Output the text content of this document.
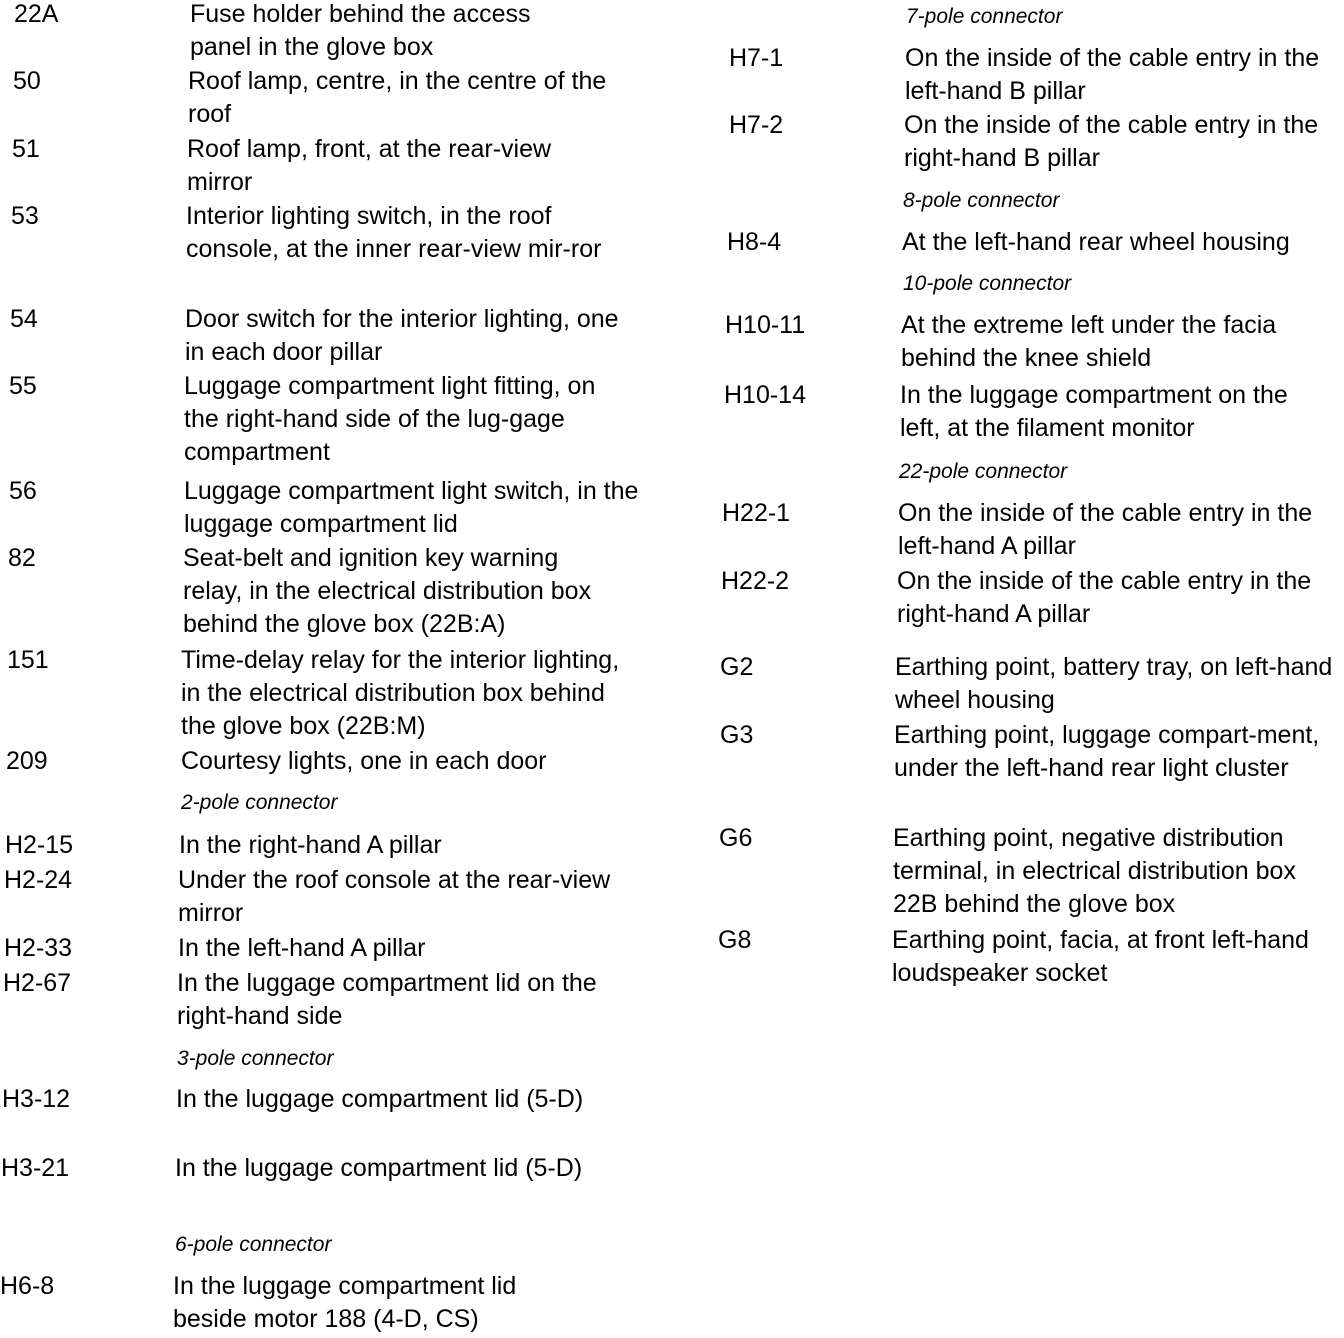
22A	Fuse holder behind the access panel in the glove box
50	Roof lamp, centre, in the centre of the roof
51	Roof lamp, front, at the rear-view mirror
53	Interior lighting switch, in the roof console, at the inner rear-view mir-ror
54	Door switch for the interior lighting, one in each door pillar
55	Luggage compartment light fitting, on the right-hand side of the lug-gage compartment
56	Luggage compartment light switch, in the luggage compartment lid
82	Seat-belt and ignition key warning relay, in the electrical distribution box behind the glove box (22B:A)
151	Time-delay relay for the interior lighting, in the electrical distribution box behind the glove box (22B:M)
209	Courtesy lights, one in each door
2-pole connector
H2-15	In the right-hand A pillar
H2-24	Under the roof console at the rear-view mirror
H2-33	In the left-hand A pillar
H2-67	In the luggage compartment lid on the right-hand side
3-pole connector
H3-12	In the luggage compartment lid (5-D)
H3-21	In the luggage compartment lid (5-D)
6-pole connector
H6-8	In the luggage compartment lid beside motor 188 (4-D, CS)
7-pole connector
H7-1	On the inside of the cable entry in the left-hand B pillar
H7-2	On the inside of the cable entry in the right-hand B pillar
8-pole connector
H8-4	At the left-hand rear wheel housing
10-pole connector
H10-11	At the extreme left under the facia behind the knee shield
H10-14	In the luggage compartment on the left, at the filament monitor
22-pole connector
H22-1	On the inside of the cable entry in the left-hand A pillar
H22-2	On the inside of the cable entry in the right-hand A pillar
G2	Earthing point, battery tray, on left-hand wheel housing
G3	Earthing point, luggage compart-ment, under the left-hand rear light cluster
G6	Earthing point, negative distribution terminal, in electrical distribution box 22B behind the glove box
G8	Earthing point, facia, at front left-hand loudspeaker socket
